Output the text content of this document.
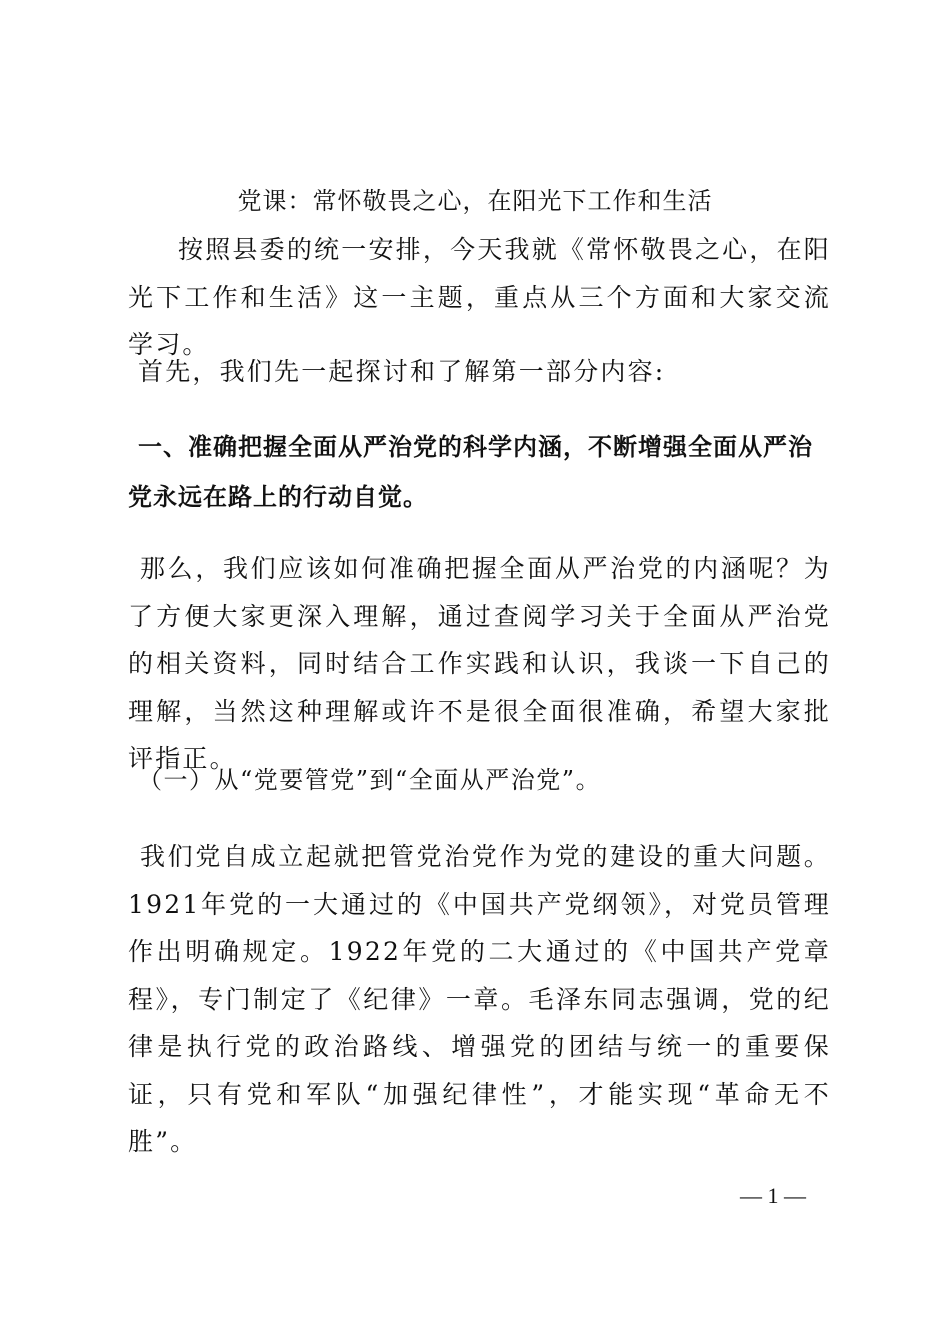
党课：常怀敬畏之心，在阳光下工作和生活
按照县委的统一安排，今天我就《常怀敬畏之心，在阳光下工作和生活》这一主题，重点从三个方面和大家交流学习。
首先，我们先一起探讨和了解第一部分内容:
一、准确把握全面从严治党的科学内涵，不断增强全面从严治
党永远在路上的行动自觉。
那么，我们应该如何准确把握全面从严治党的内涵呢？为了方便大家更深入理解，通过查阅学习关于全面从严治党的相关资料，同时结合工作实践和认识，我谈一下自己的理解，当然这种理解或许不是很全面很准确，希望大家批评指正。
（一）从“党要管党”到“全面从严治党”。
我们党自成立起就把管党治党作为党的建设的重大问题。1921年党的一大通过的《中国共产党纲领》，对党员管理作出明确规定。1922年党的二大通过的《中国共产党章程》，专门制定了《纪律》一章。毛泽东同志强调，党的纪律是执行党的政治路线、增强党的团结与统一的重要保证，只有党和军队“加强纪律性”，才能实现“革命无不胜”。
— 1 —
